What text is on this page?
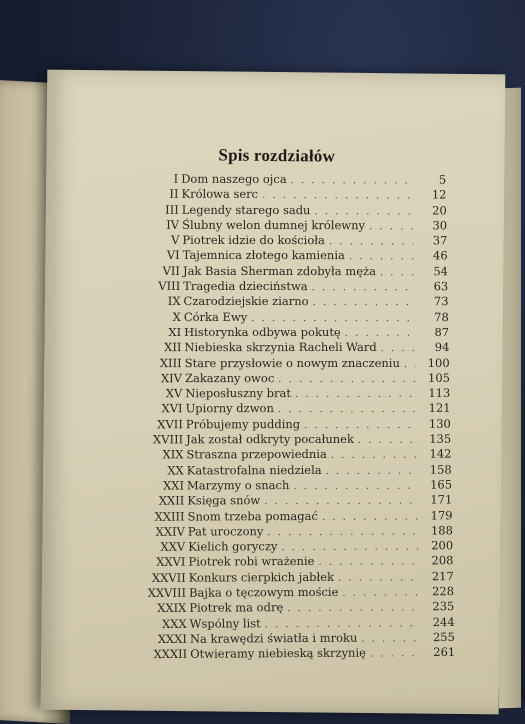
Spis rozdziałów
I Dom naszego ojca . . .	5
II Królowa serc . . .	12
III Legendy starego sadu . . .	20
IV Ślubny welon dumnej królewny . . .	30
V Piotrek idzie do kościoła . . .	37
VI Tajemnica złotego kamienia . . .	46
VII Jak Basia Sherman zdobyła męża . . .	54
VIII Tragedia dzieciństwa . . .	63
IX Czarodziejskie ziarno . . .	73
X Córka Ewy . . .	78
XI Historynka odbywa pokutę . . .	87
XII Niebieska skrzynia Racheli Ward . . .	94
XIII Stare przysłowie o nowym znaczeniu . . .	100
XIV Zakazany owoc . . .	105
XV Nieposłuszny brat . . .	113
XVI Upiorny dzwon . . .	121
XVII Próbujemy pudding . . .	130
XVIII Jak został odkryty pocałunek . . .	135
XIX Straszna przepowiednia . . .	142
XX Katastrofalna niedziela . . .	158
XXI Marzymy o snach . . .	165
XXII Księga snów . . .	171
XXIII Snom trzeba pomagać . . .	179
XXIV Pat uroczony . . .	188
XXV Kielich goryczy . . .	200
XXVI Piotrek robi wrażenie . . .	208
XXVII Konkurs cierpkich jabłek . . .	217
XXVIII Bajka o tęczowym moście . . .	228
XXIX Piotrek ma odrę . . .	235
XXX Wspólny list . . .	244
XXXI Na krawędzi światła i mroku . . .	255
XXXII Otwieramy niebieską skrzynię . . .	261
